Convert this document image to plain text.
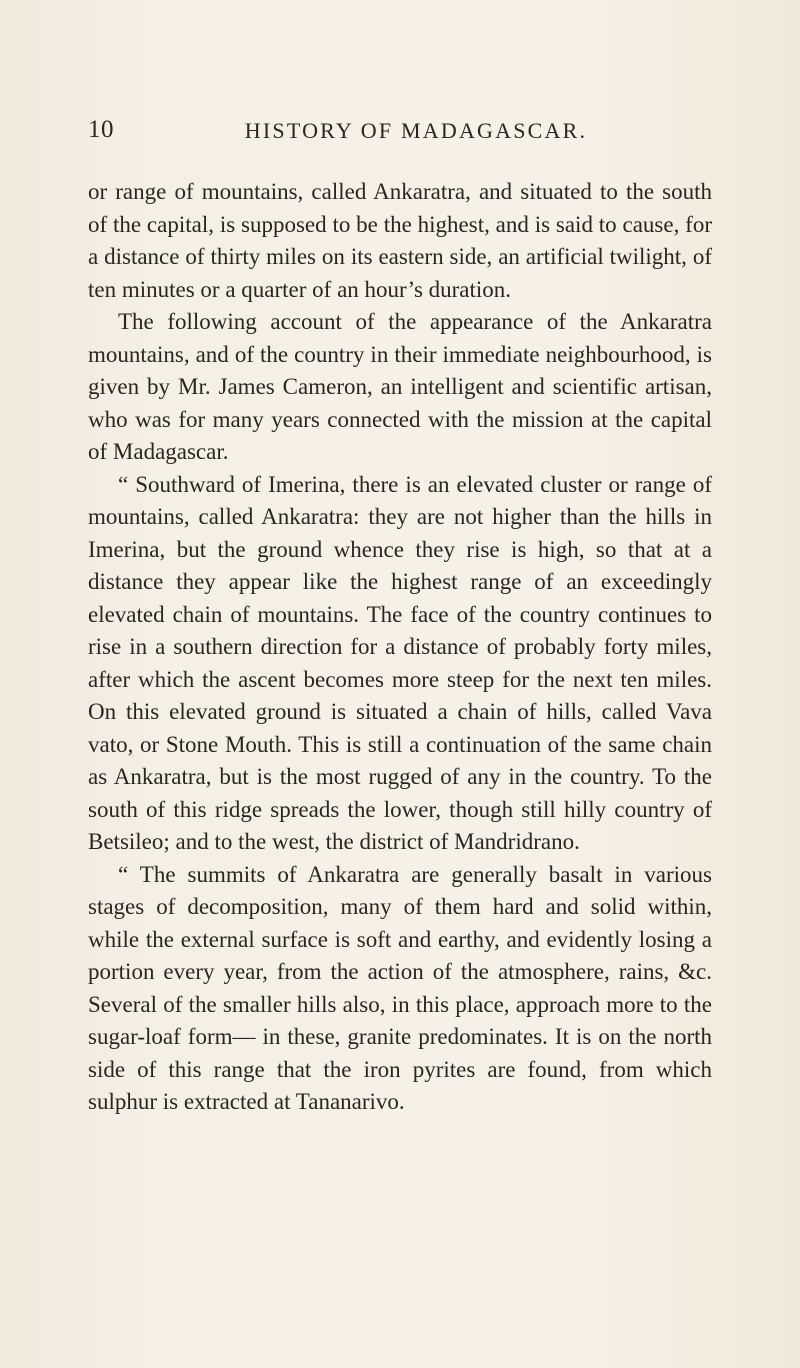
10	HISTORY OF MADAGASCAR.

or range of mountains, called Ankaratra, and situated to the south of the capital, is supposed to be the highest, and is said to cause, for a distance of thirty miles on its eastern side, an artificial twilight, of ten minutes or a quarter of an hour’s duration.

The following account of the appearance of the Ankaratra mountains, and of the country in their immediate neighbourhood, is given by Mr. James Cameron, an intelligent and scientific artisan, who was for many years connected with the mission at the capital of Madagascar.

“ Southward of Imerina, there is an elevated cluster or range of mountains, called Ankaratra: they are not higher than the hills in Imerina, but the ground whence they rise is high, so that at a distance they appear like the highest range of an exceedingly elevated chain of mountains. The face of the country continues to rise in a southern direction for a distance of probably forty miles, after which the ascent becomes more steep for the next ten miles. On this elevated ground is situated a chain of hills, called Vava vato, or Stone Mouth. This is still a continuation of the same chain as Ankaratra, but is the most rugged of any in the country. To the south of this ridge spreads the lower, though still hilly country of Betsileo; and to the west, the district of Mandridrano.

“ The summits of Ankaratra are generally basalt in various stages of decomposition, many of them hard and solid within, while the external surface is soft and earthy, and evidently losing a portion every year, from the action of the atmosphere, rains, &c. Several of the smaller hills also, in this place, approach more to the sugar-loaf form— in these, granite predominates. It is on the north side of this range that the iron pyrites are found, from which sulphur is extracted at Tananarivo.
